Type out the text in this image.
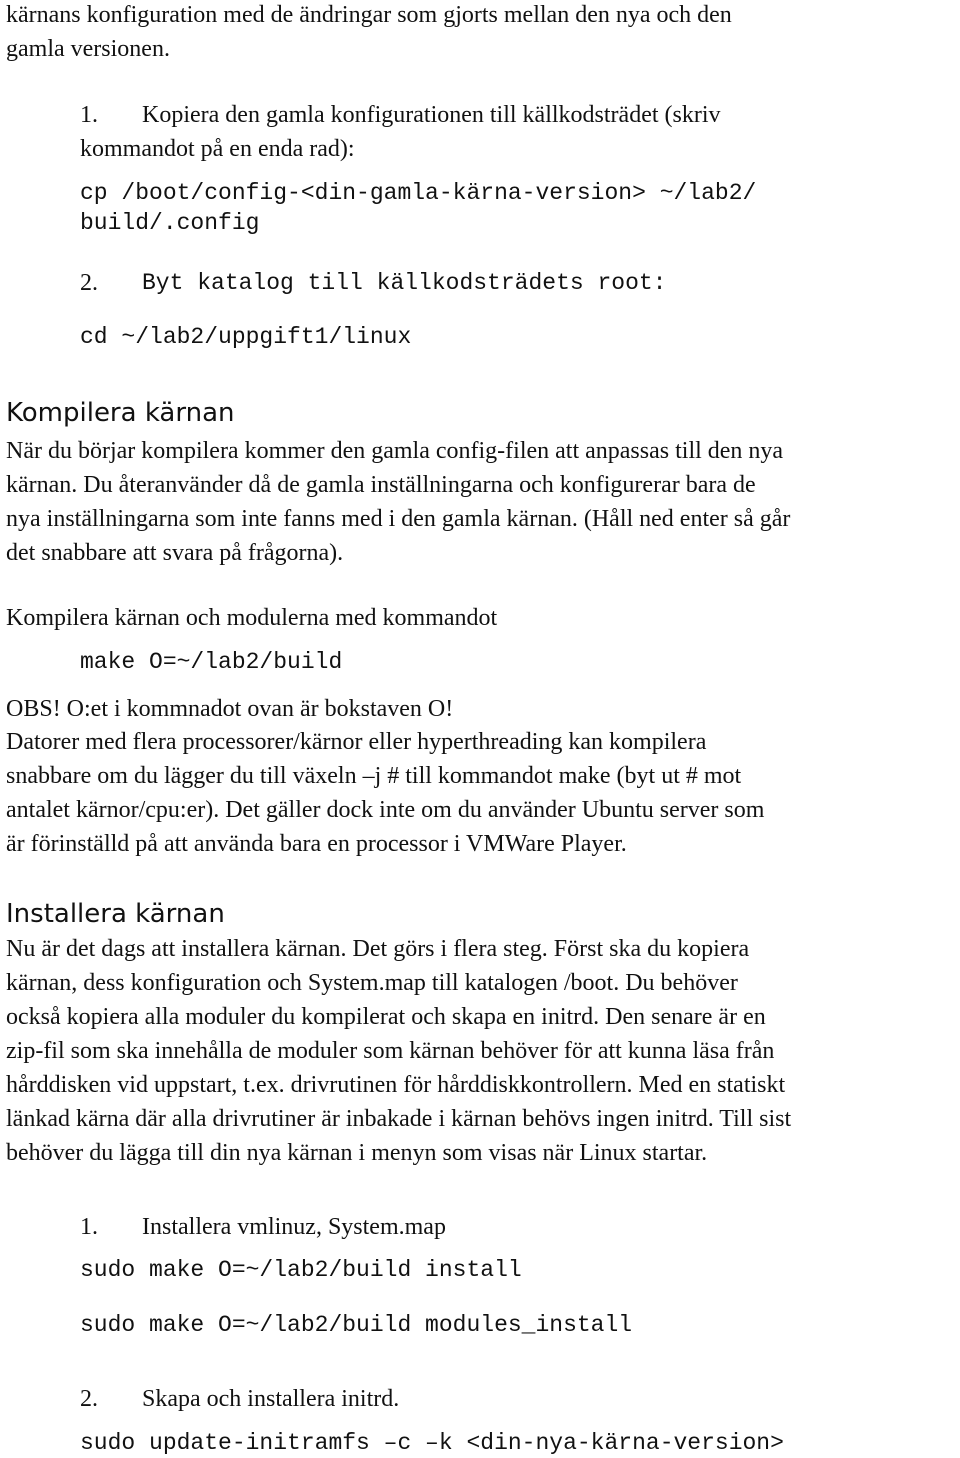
kärnans konfiguration med de ändringar som gjorts mellan den nya och den
gamla versionen.
1. Kopiera den gamla konfigurationen till källkodsträdet (skriv
kommandot på en enda rad):
cp /boot/config-<din-gamla-kärna-version> ~/lab2/
build/.config
2. Byt katalog till källkodsträdets root:
cd ~/lab2/uppgift1/linux
Kompilera kärnan
När du börjar kompilera kommer den gamla config-filen att anpassas till den nya
kärnan. Du återanvänder då de gamla inställningarna och konfigurerar bara de
nya inställningarna som inte fanns med i den gamla kärnan. (Håll ned enter så går
det snabbare att svara på frågorna).
Kompilera kärnan och modulerna med kommandot
make O=~/lab2/build
OBS! O:et i kommnadot ovan är bokstaven O!
Datorer med flera processorer/kärnor eller hyperthreading kan kompilera
snabbare om du lägger du till växeln –j # till kommandot make (byt ut # mot
antalet kärnor/cpu:er). Det gäller dock inte om du använder Ubuntu server som
är förinställd på att använda bara en processor i VMWare Player.
Installera kärnan
Nu är det dags att installera kärnan. Det görs i flera steg. Först ska du kopiera
kärnan, dess konfiguration och System.map till katalogen /boot. Du behöver
också kopiera alla moduler du kompilerat och skapa en initrd. Den senare är en
zip-fil som ska innehålla de moduler som kärnan behöver för att kunna läsa från
hårddisken vid uppstart, t.ex. drivrutinen för hårddiskkontrollern. Med en statiskt
länkad kärna där alla drivrutiner är inbakade i kärnan behövs ingen initrd. Till sist
behöver du lägga till din nya kärnan i menyn som visas när Linux startar.
1. Installera vmlinuz, System.map
sudo make O=~/lab2/build install
sudo make O=~/lab2/build modules_install
2. Skapa och installera initrd.
sudo update-initramfs –c –k <din-nya-kärna-version>
